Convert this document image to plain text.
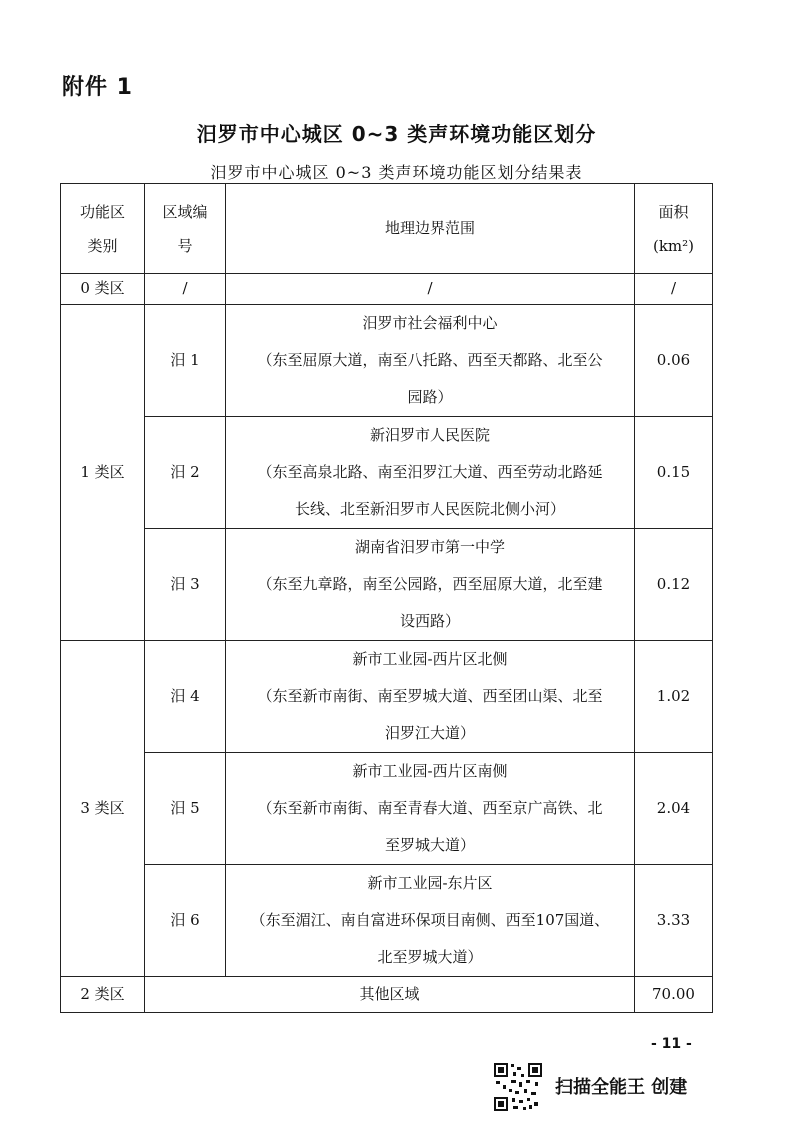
附件 1
汨罗市中心城区 0~3 类声环境功能区划分
汨罗市中心城区 0~3 类声环境功能区划分结果表
功能区
类别	区域编
号	地理边界范围	面积
(km²)

0 类区	/	/	/
1 类区	汨 1	汨罗市社会福利中心
（东至屈原大道，南至八托路、西至天都路、北至公
园路）	0.06
	汨 2	新汨罗市人民医院
（东至高泉北路、南至汨罗江大道、西至劳动北路延
长线、北至新汨罗市人民医院北侧小河）	0.15
	汨 3	湖南省汨罗市第一中学
（东至九章路，南至公园路，西至屈原大道，北至建
设西路）	0.12
3 类区	汨 4	新市工业园-西片区北侧
（东至新市南街、南至罗城大道、西至团山渠、北至
汨罗江大道）	1.02
	汨 5	新市工业园-西片区南侧
（东至新市南街、南至青春大道、西至京广高铁、北
至罗城大道）	2.04
	汨 6	新市工业园-东片区
（东至湄江、南自富进环保项目南侧、西至107国道、
北至罗城大道）	3.33
2 类区	其他区域		70.00
- 11 -
扫描全能王 创建
